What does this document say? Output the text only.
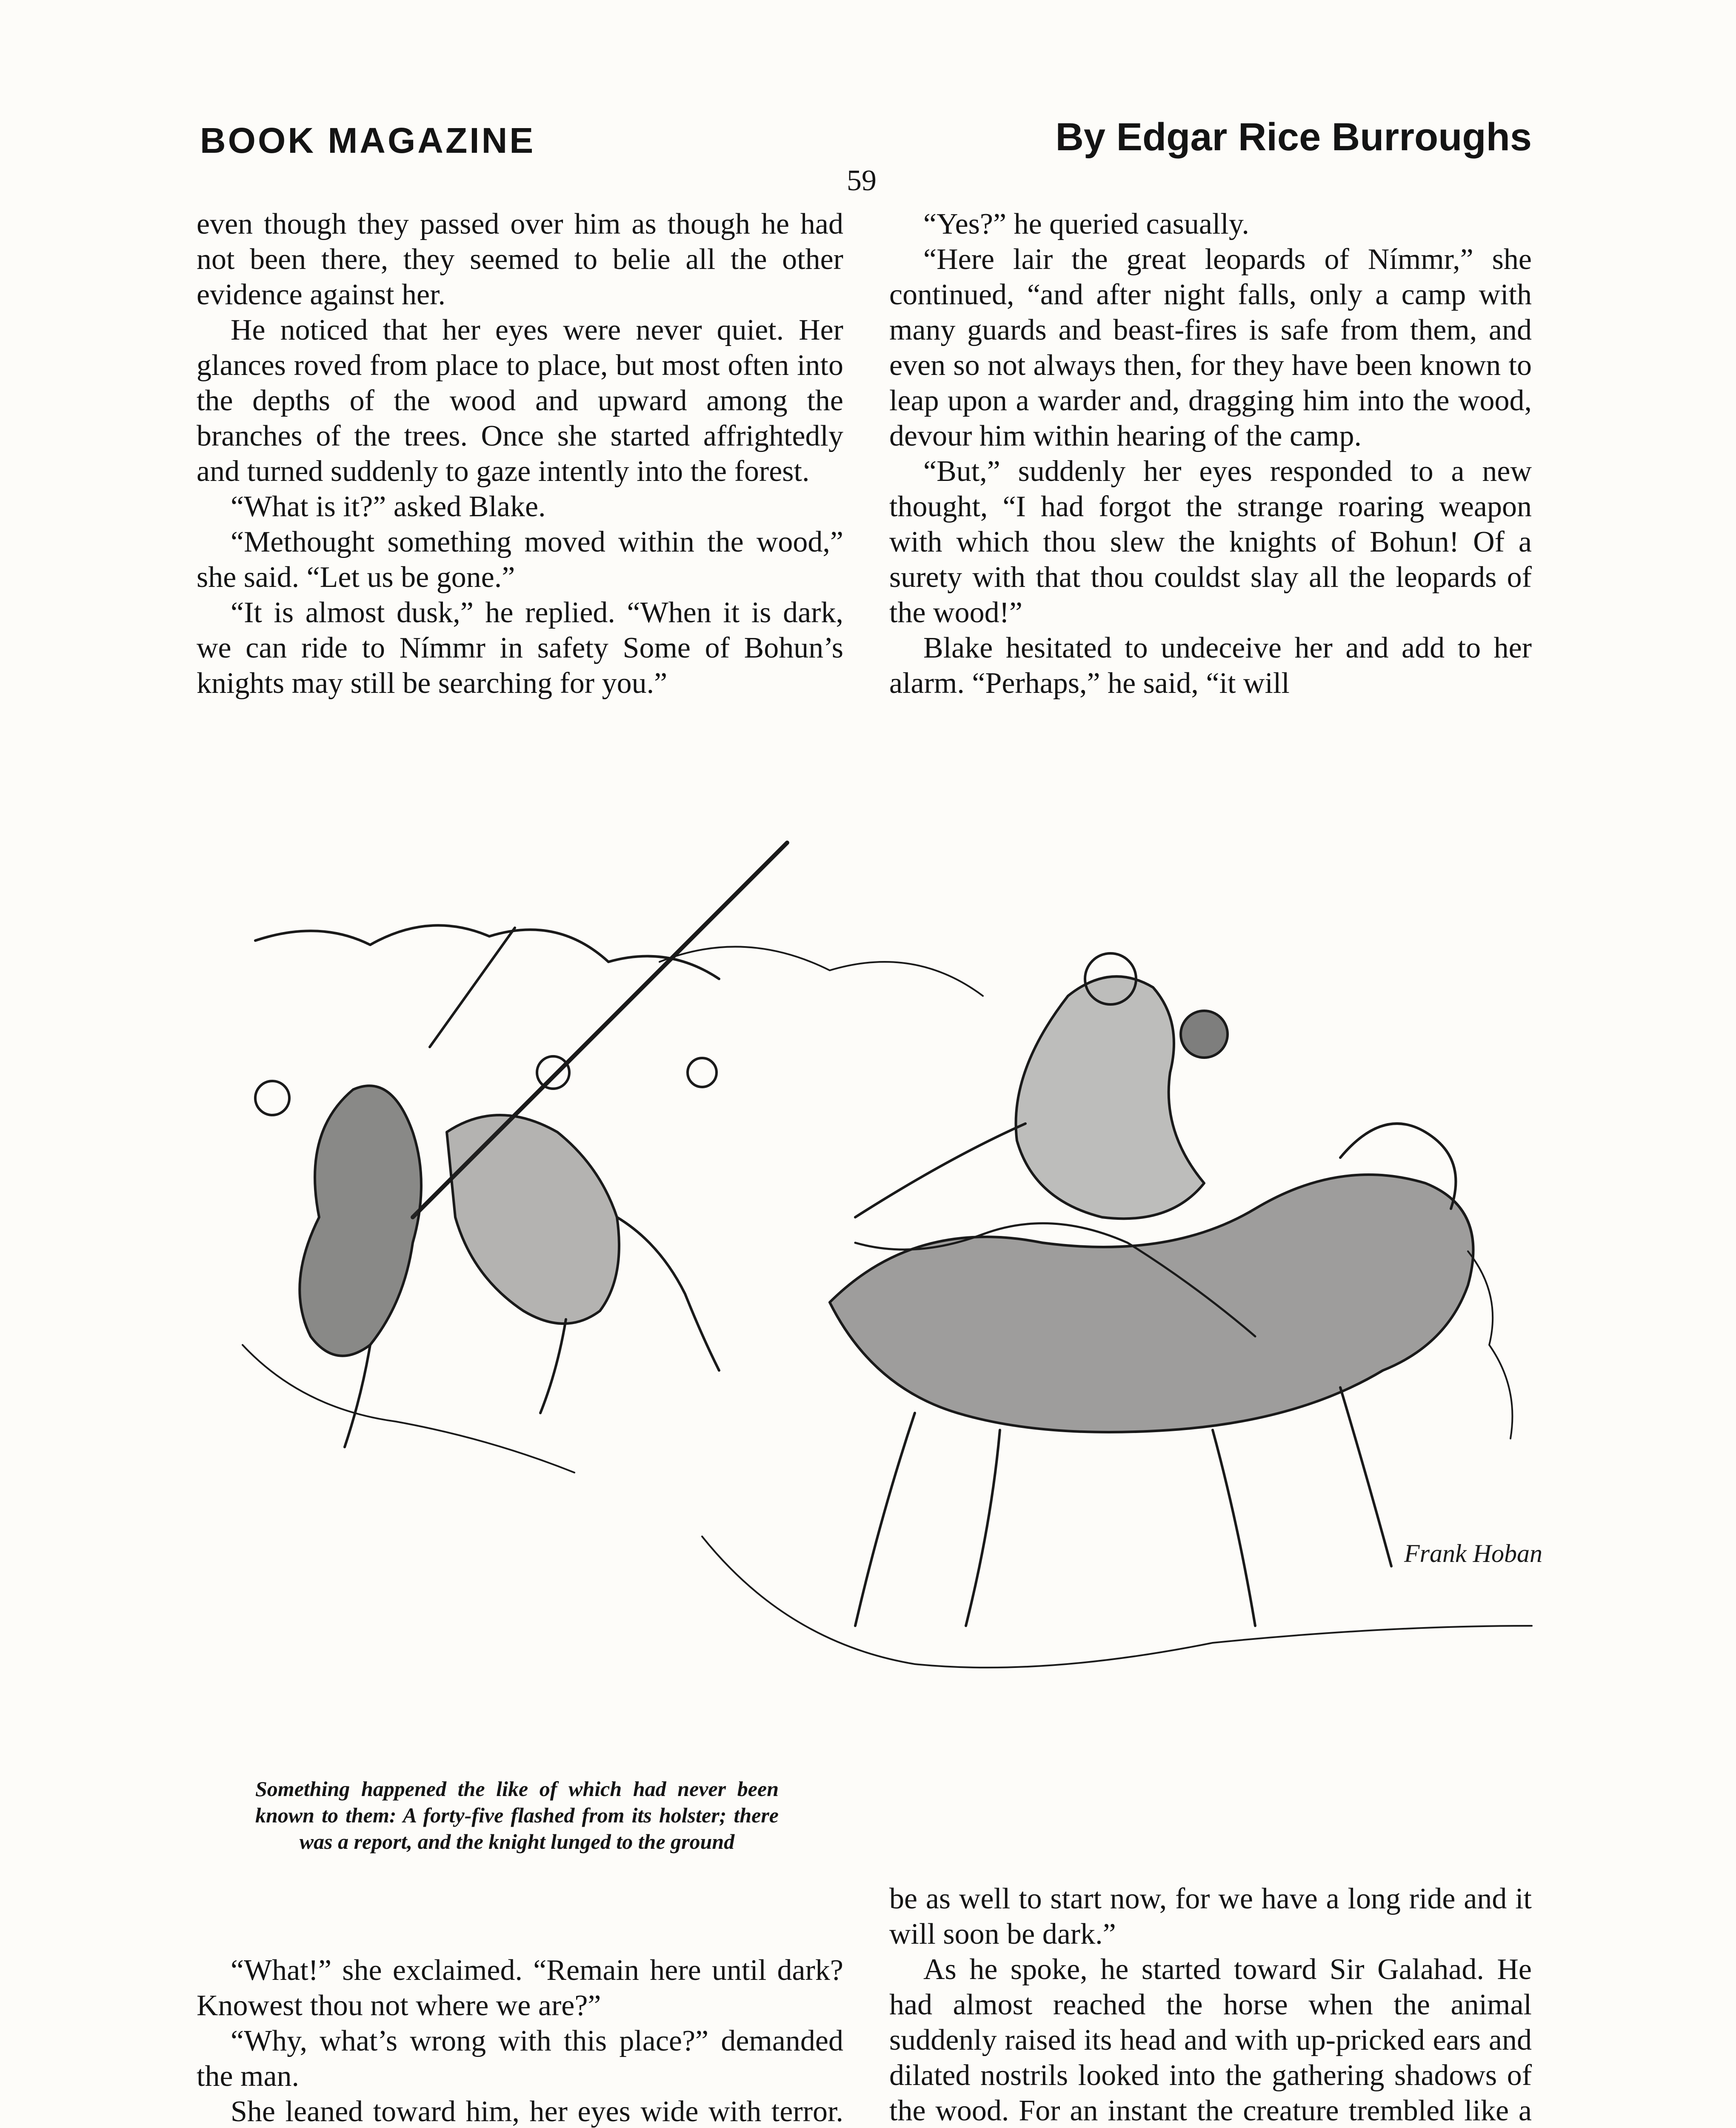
BOOK MAGAZINE	By Edgar Rice Burroughs
59

even though they passed over him as though he had not been there, they seemed to belie all the other evidence against her.

He noticed that her eyes were never quiet. Her glances roved from place to place, but most often into the depths of the wood and upward among the branches of the trees. Once she started affrightedly and turned suddenly to gaze intently into the forest.

“What is it?” asked Blake.

“Methought something moved within the wood,” she said. “Let us be gone.”

“It is almost dusk,” he replied. “When it is dark, we can ride to Nímmr in safety Some of Bohun’s knights may still be searching for you.”

“Yes?” he queried casually.

“Here lair the great leopards of Nímmr,” she continued, “and after night falls, only a camp with many guards and beast-fires is safe from them, and even so not always then, for they have been known to leap upon a warder and, dragging him into the wood, devour him within hearing of the camp.

“But,” suddenly her eyes responded to a new thought, “I had forgot the strange roaring weapon with which thou slew the knights of Bohun! Of a surety with that thou couldst slay all the leopards of the wood!”

Blake hesitated to undeceive her and add to her alarm. “Perhaps,” he said, “it will

Frank Hoban
Something happened the like of which had never been known to them: A forty-five flashed from its holster; there was a report, and the knight lunged to the ground

“What!” she exclaimed. “Remain here until dark? Knowest thou not where we are?”

“Why, what’s wrong with this place?” demanded the man.

She leaned toward him, her eyes wide with terror.

be as well to start now, for we have a long ride and it will soon be dark.”

As he spoke, he started toward Sir Galahad. He had almost reached the horse when the animal suddenly raised its head and with up-pricked ears and dilated nostrils looked into the gathering shadows of the wood. For an instant the creature trembled like a
